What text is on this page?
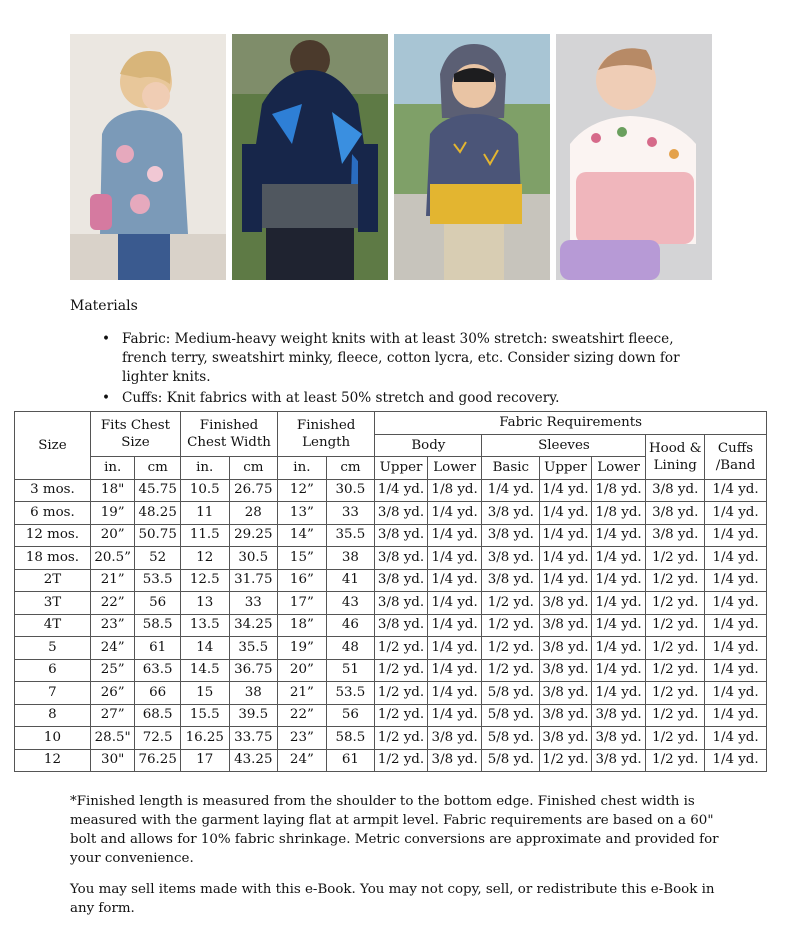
Materials
• Fabric: Medium-heavy weight knits with at least 30% stretch: sweatshirt fleece, french terry, sweatshirt minky, fleece, cotton lycra, etc. Consider sizing down for lighter knits.
• Cuffs: Knit fabrics with at least 50% stretch and good recovery.
Size	Fits Chest Size		Finished Chest Width		Finished Length		Fabric Requirements						
							Body		Sleeves			Hood & Lining	Cuffs /Band
	in.	cm	in.	cm	in.	cm	Upper	Lower	Basic	Upper	Lower		
3 mos.	18"	45.75	10.5	26.75	12”	30.5	1/4 yd.	1/8 yd.	1/4 yd.	1/4 yd.	1/8 yd.	3/8 yd.	1/4 yd.
6 mos.	19”	48.25	11	28	13”	33	3/8 yd.	1/4 yd.	3/8 yd.	1/4 yd.	1/8 yd.	3/8 yd.	1/4 yd.
12 mos.	20”	50.75	11.5	29.25	14”	35.5	3/8 yd.	1/4 yd.	3/8 yd.	1/4 yd.	1/4 yd.	3/8 yd.	1/4 yd.
18 mos.	20.5”	52	12	30.5	15”	38	3/8 yd.	1/4 yd.	3/8 yd.	1/4 yd.	1/4 yd.	1/2 yd.	1/4 yd.
2T	21”	53.5	12.5	31.75	16”	41	3/8 yd.	1/4 yd.	3/8 yd.	1/4 yd.	1/4 yd.	1/2 yd.	1/4 yd.
3T	22”	56	13	33	17”	43	3/8 yd.	1/4 yd.	1/2 yd.	3/8 yd.	1/4 yd.	1/2 yd.	1/4 yd.
4T	23”	58.5	13.5	34.25	18”	46	3/8 yd.	1/4 yd.	1/2 yd.	3/8 yd.	1/4 yd.	1/2 yd.	1/4 yd.
5	24”	61	14	35.5	19”	48	1/2 yd.	1/4 yd.	1/2 yd.	3/8 yd.	1/4 yd.	1/2 yd.	1/4 yd.
6	25”	63.5	14.5	36.75	20”	51	1/2 yd.	1/4 yd.	1/2 yd.	3/8 yd.	1/4 yd.	1/2 yd.	1/4 yd.
7	26”	66	15	38	21”	53.5	1/2 yd.	1/4 yd.	5/8 yd.	3/8 yd.	1/4 yd.	1/2 yd.	1/4 yd.
8	27”	68.5	15.5	39.5	22”	56	1/2 yd.	1/4 yd.	5/8 yd.	3/8 yd.	3/8 yd.	1/2 yd.	1/4 yd.
10	28.5"	72.5	16.25	33.75	23”	58.5	1/2 yd.	3/8 yd.	5/8 yd.	3/8 yd.	3/8 yd.	1/2 yd.	1/4 yd.
12	30"	76.25	17	43.25	24”	61	1/2 yd.	3/8 yd.	5/8 yd.	1/2 yd.	3/8 yd.	1/2 yd.	1/4 yd.

*Finished length is measured from the shoulder to the bottom edge. Finished chest width is measured with the garment laying flat at armpit level. Fabric requirements are based on a 60" bolt and allows for 10% fabric shrinkage. Metric conversions are approximate and provided for your convenience.

You may sell items made with this e-Book. You may not copy, sell, or redistribute this e-Book in any form.
